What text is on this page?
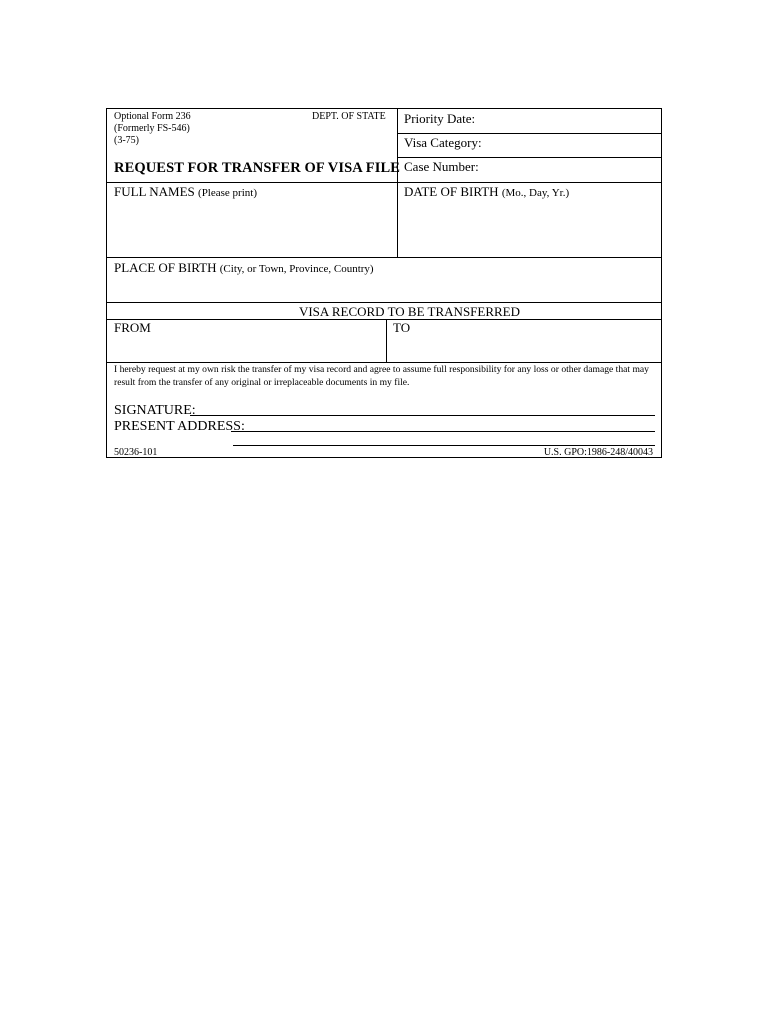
Optional Form 236
(Formerly FS-546)
(3-75)
DEPT. OF STATE
REQUEST FOR TRANSFER OF VISA FILE
Priority Date:
Visa Category:
Case Number:
FULL NAMES (Please print)	DATE OF BIRTH (Mo., Day, Yr.)
PLACE OF BIRTH (City, or Town, Province, Country)
VISA RECORD TO BE TRANSFERRED
FROM	TO
I hereby request at my own risk the transfer of my visa record and agree to assume full responsibility for any loss or other damage that may result from the transfer of any original or irreplaceable documents in my file.
SIGNATURE:
PRESENT ADDRESS:
50236-101	U.S. GPO:1986-248/40043
